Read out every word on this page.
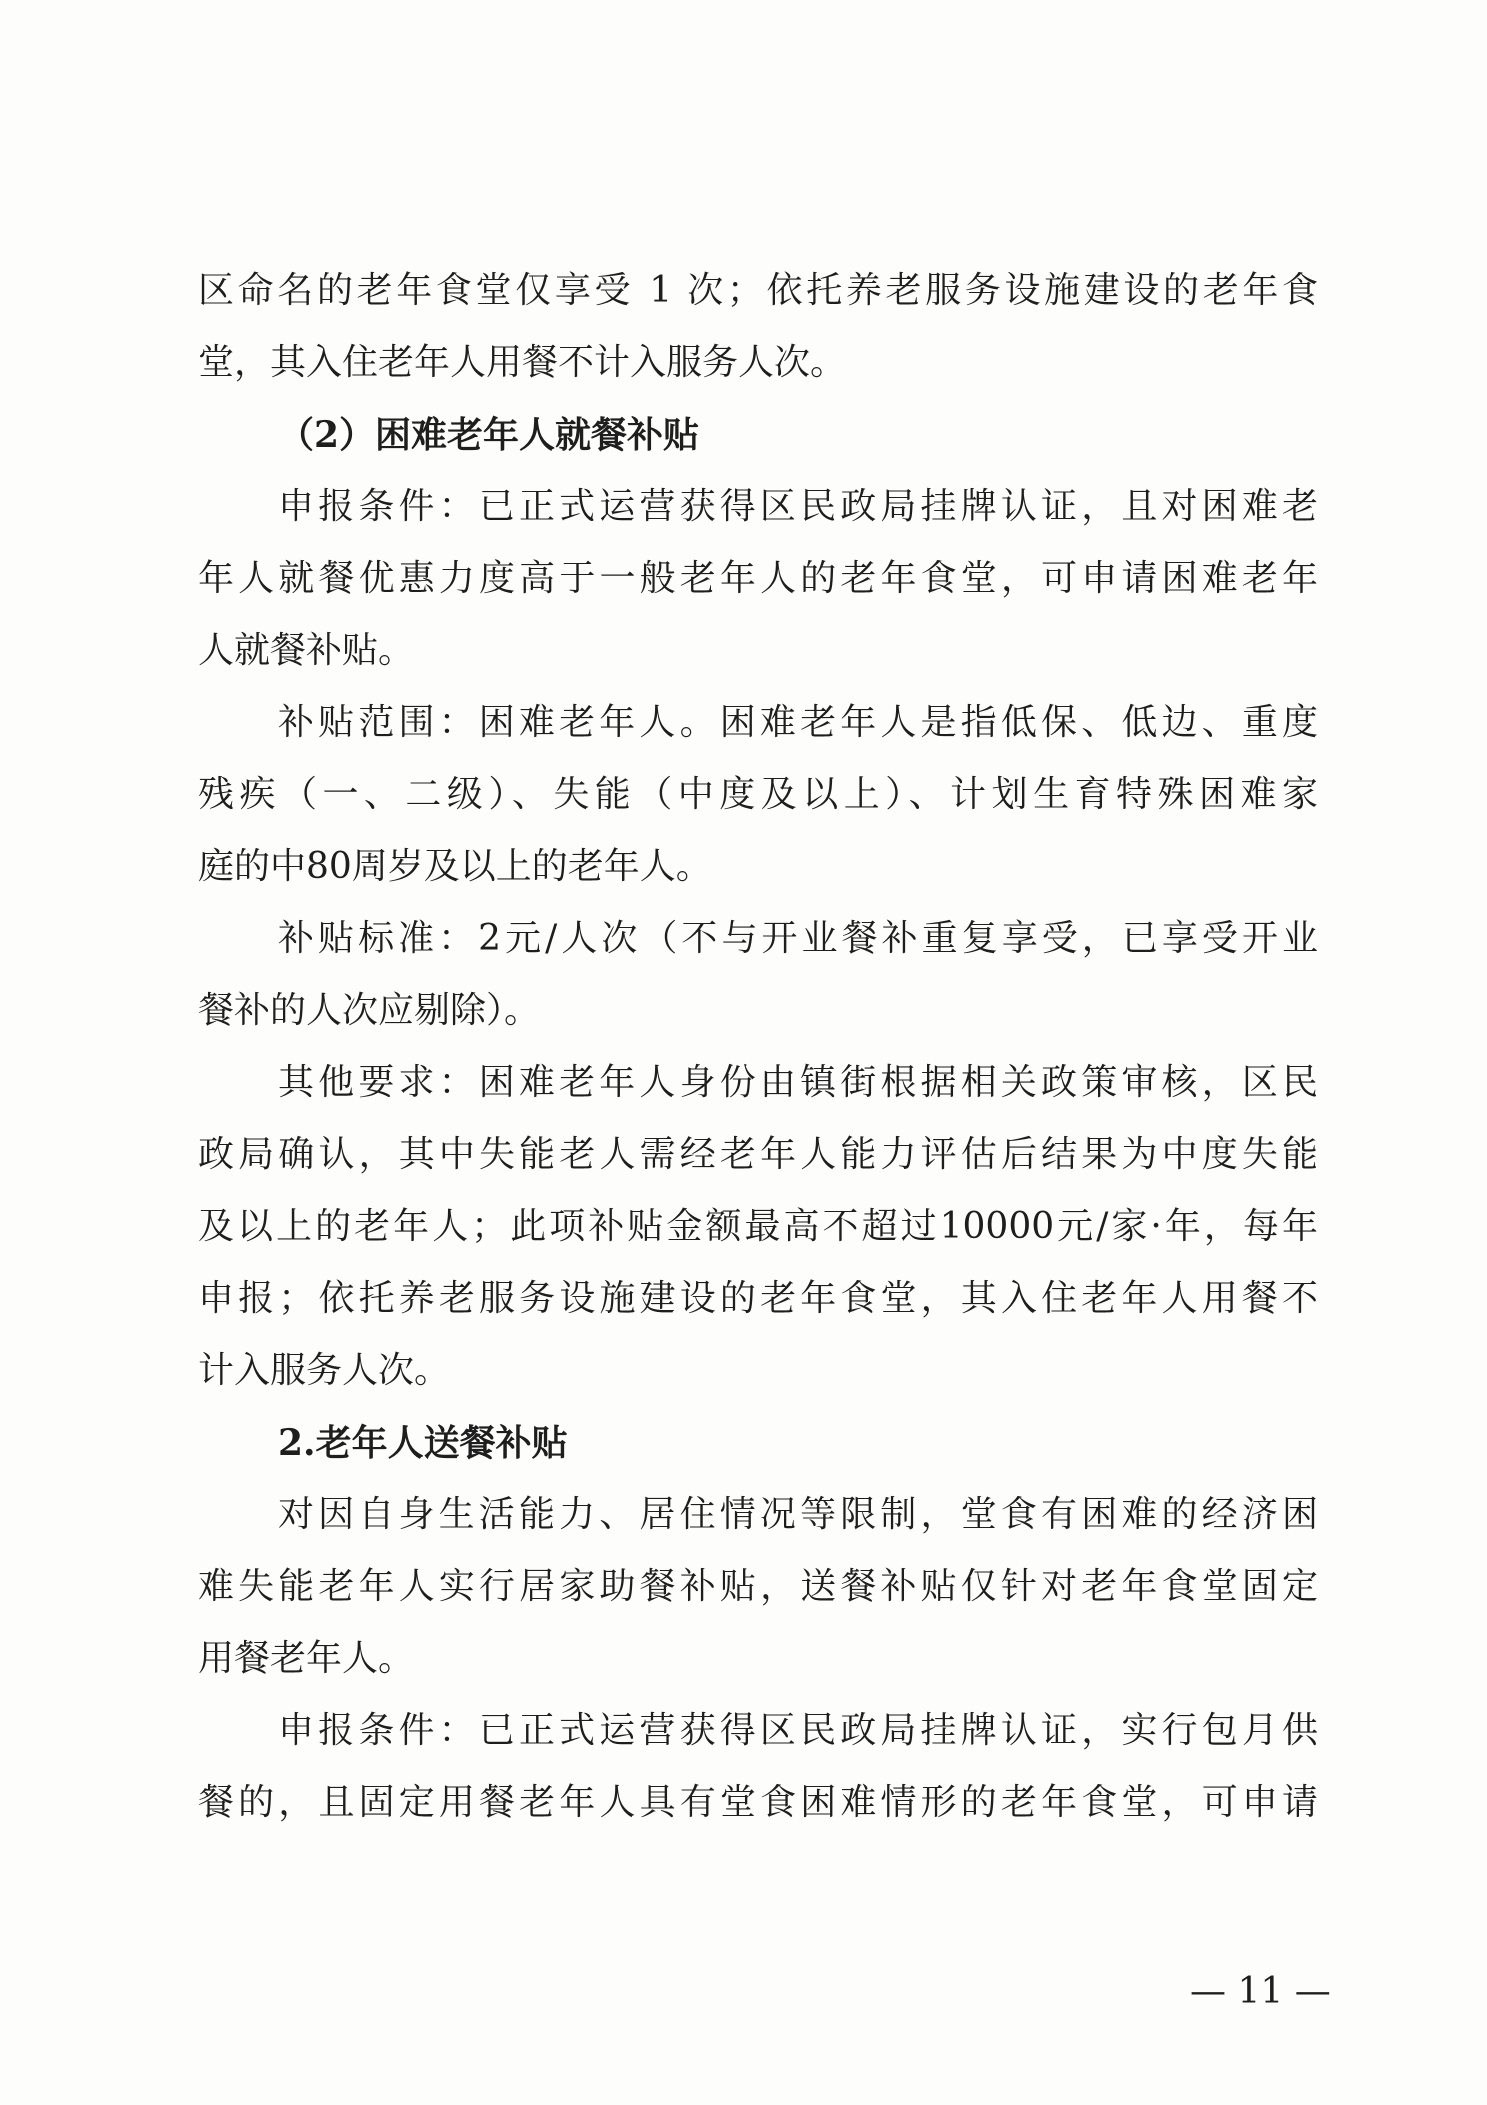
区命名的老年食堂仅享受 1 次；依托养老服务设施建设的老年食
堂，其入住老年人用餐不计入服务人次。
（2）困难老年人就餐补贴
申报条件：已正式运营获得区民政局挂牌认证，且对困难老
年人就餐优惠力度高于一般老年人的老年食堂，可申请困难老年
人就餐补贴。
补贴范围：困难老年人。困难老年人是指低保、低边、重度
残疾（一、二级）、失能（中度及以上）、计划生育特殊困难家
庭的中80周岁及以上的老年人。
补贴标准：2元/人次（不与开业餐补重复享受，已享受开业
餐补的人次应剔除）。
其他要求：困难老年人身份由镇街根据相关政策审核，区民
政局确认，其中失能老人需经老年人能力评估后结果为中度失能
及以上的老年人；此项补贴金额最高不超过10000元/家·年，每年
申报；依托养老服务设施建设的老年食堂，其入住老年人用餐不
计入服务人次。
2.老年人送餐补贴
对因自身生活能力、居住情况等限制，堂食有困难的经济困
难失能老年人实行居家助餐补贴，送餐补贴仅针对老年食堂固定
用餐老年人。
申报条件：已正式运营获得区民政局挂牌认证，实行包月供
餐的，且固定用餐老年人具有堂食困难情形的老年食堂，可申请
— 11 —
